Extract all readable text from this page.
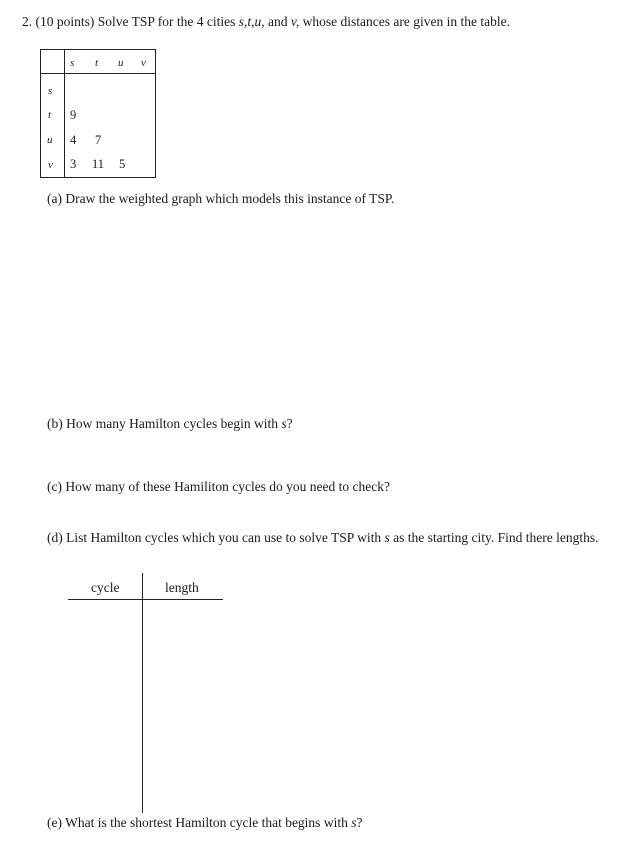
2. (10 points) Solve TSP for the 4 cities s,t,u, and v, whose distances are given in the table.
s t u v
s
t
u
v
9
4 7
3 11 5
(a) Draw the weighted graph which models this instance of TSP.
(b) How many Hamilton cycles begin with s?
(c) How many of these Hamiliton cycles do you need to check?
(d) List Hamilton cycles which you can use to solve TSP with s as the starting city. Find there lengths.
cycle	length
(e) What is the shortest Hamilton cycle that begins with s?
